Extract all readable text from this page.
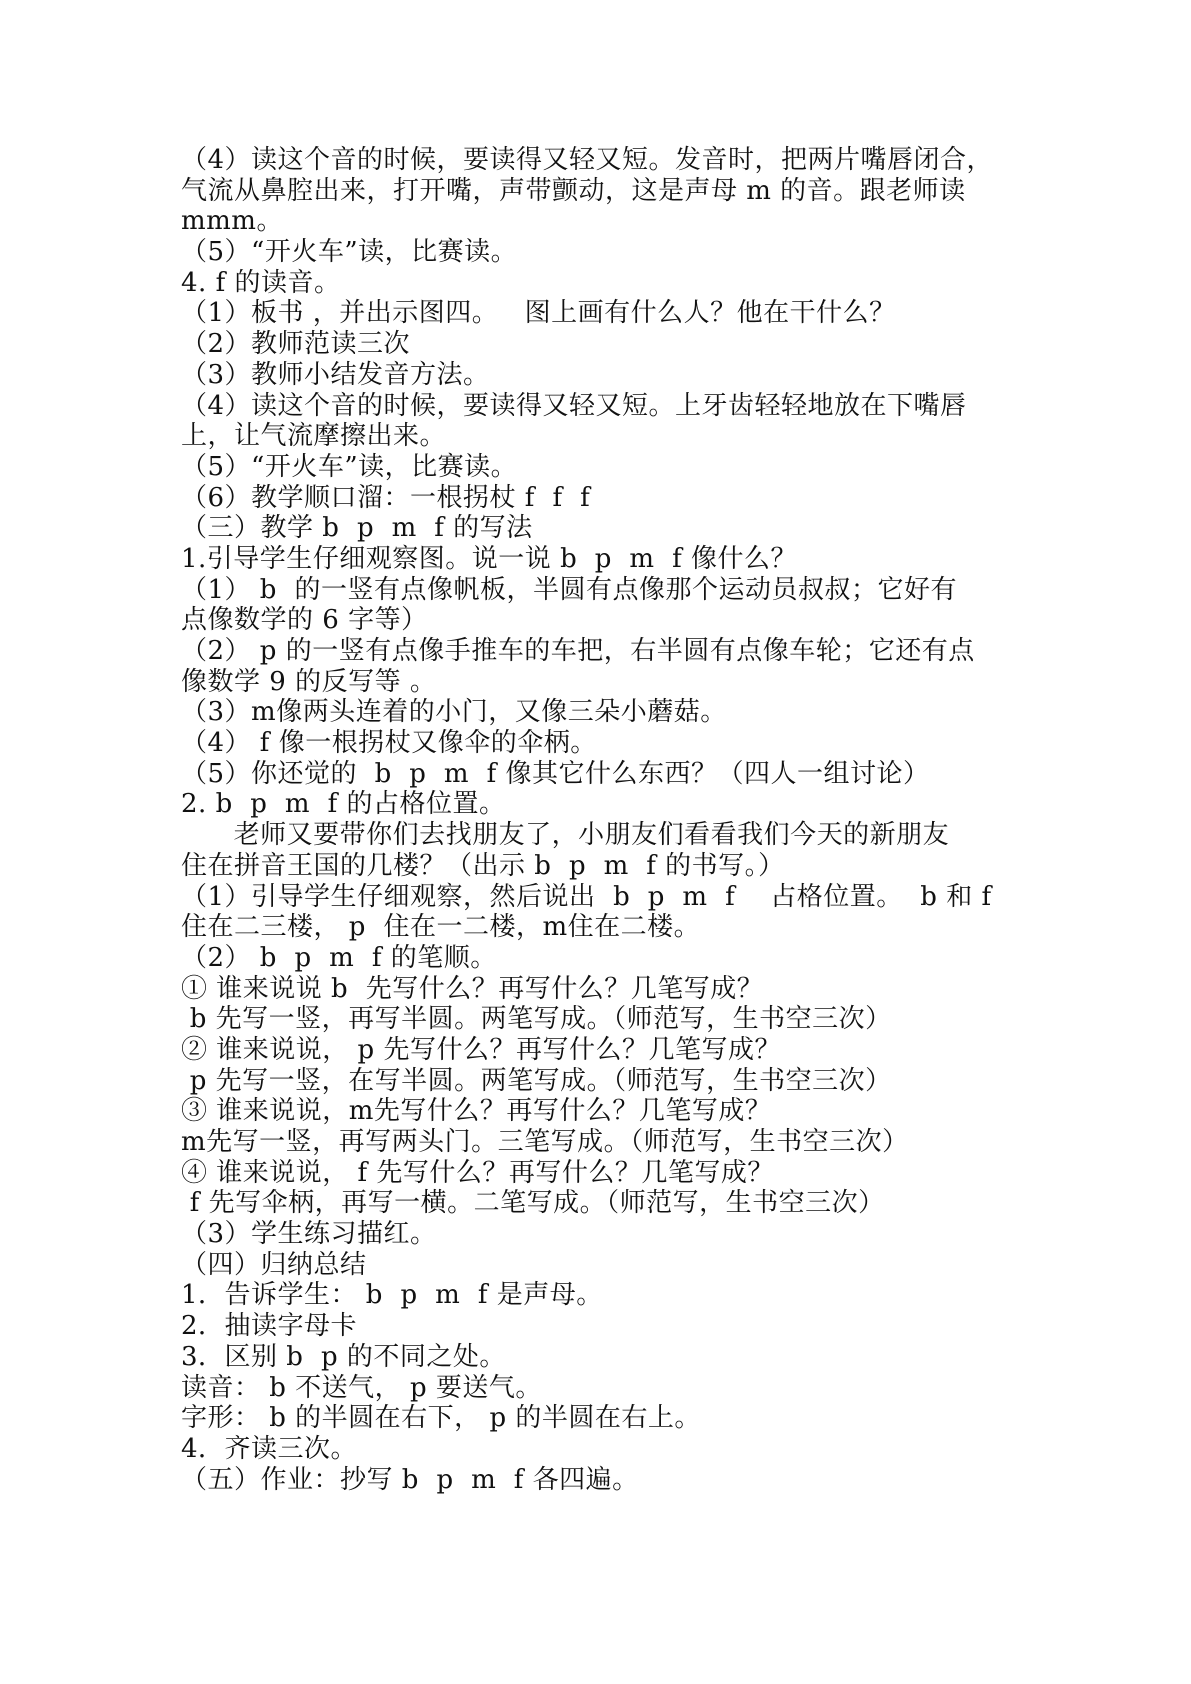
（4）读这个音的时候，要读得又轻又短。发音时，把两片嘴唇闭合，
气流从鼻腔出来，打开嘴，声带颤动，这是声母 m 的音。跟老师读
mmm。
（5）“开火车”读，比赛读。
4. f 的读音。
（1）板书 ，并出示图四。   图上画有什么人？他在干什么？
（2）教师范读三次
（3）教师小结发音方法。
（4）读这个音的时候，要读得又轻又短。上牙齿轻轻地放在下嘴唇
上，让气流摩擦出来。
（5）“开火车”读，比赛读。
（6）教学顺口溜：一根拐杖 f  f  f
（三）教学 b  p  m  f 的写法
1.引导学生仔细观察图。说一说 b  p  m  f 像什么？
（1） b  的一竖有点像帆板，半圆有点像那个运动员叔叔；它好有
点像数学的 6 字等）
（2） p 的一竖有点像手推车的车把，右半圆有点像车轮；它还有点
像数学 9 的反写等 。
（3）m像两头连着的小门，又像三朵小蘑菇。
（4） f 像一根拐杖又像伞的伞柄。
（5）你还觉的  b  p  m  f 像其它什么东西？（四人一组讨论）
2. b  p  m  f 的占格位置。
老师又要带你们去找朋友了，小朋友们看看我们今天的新朋友
住在拼音王国的几楼？（出示 b  p  m  f 的书写。）
（1）引导学生仔细观察，然后说出  b  p  m  f    占格位置。  b 和 f
住在二三楼， p  住在一二楼，m住在二楼。
（2） b  p  m  f 的笔顺。
① 谁来说说 b  先写什么？再写什么？几笔写成？
b 先写一竖，再写半圆。两笔写成。（师范写，生书空三次）
② 谁来说说， p 先写什么？再写什么？几笔写成？
p 先写一竖，在写半圆。两笔写成。（师范写，生书空三次）
③ 谁来说说，m先写什么？再写什么？几笔写成？
m先写一竖，再写两头门。三笔写成。（师范写，生书空三次）
④ 谁来说说， f 先写什么？再写什么？几笔写成？
f 先写伞柄，再写一横。二笔写成。（师范写，生书空三次）
（3）学生练习描红。
（四）归纳总结
1．告诉学生： b  p  m  f 是声母。
2．抽读字母卡
3．区别 b  p 的不同之处。
读音： b 不送气， p 要送气。
字形： b 的半圆在右下， p 的半圆在右上。
4．齐读三次。
（五）作业：抄写 b  p  m  f 各四遍。
